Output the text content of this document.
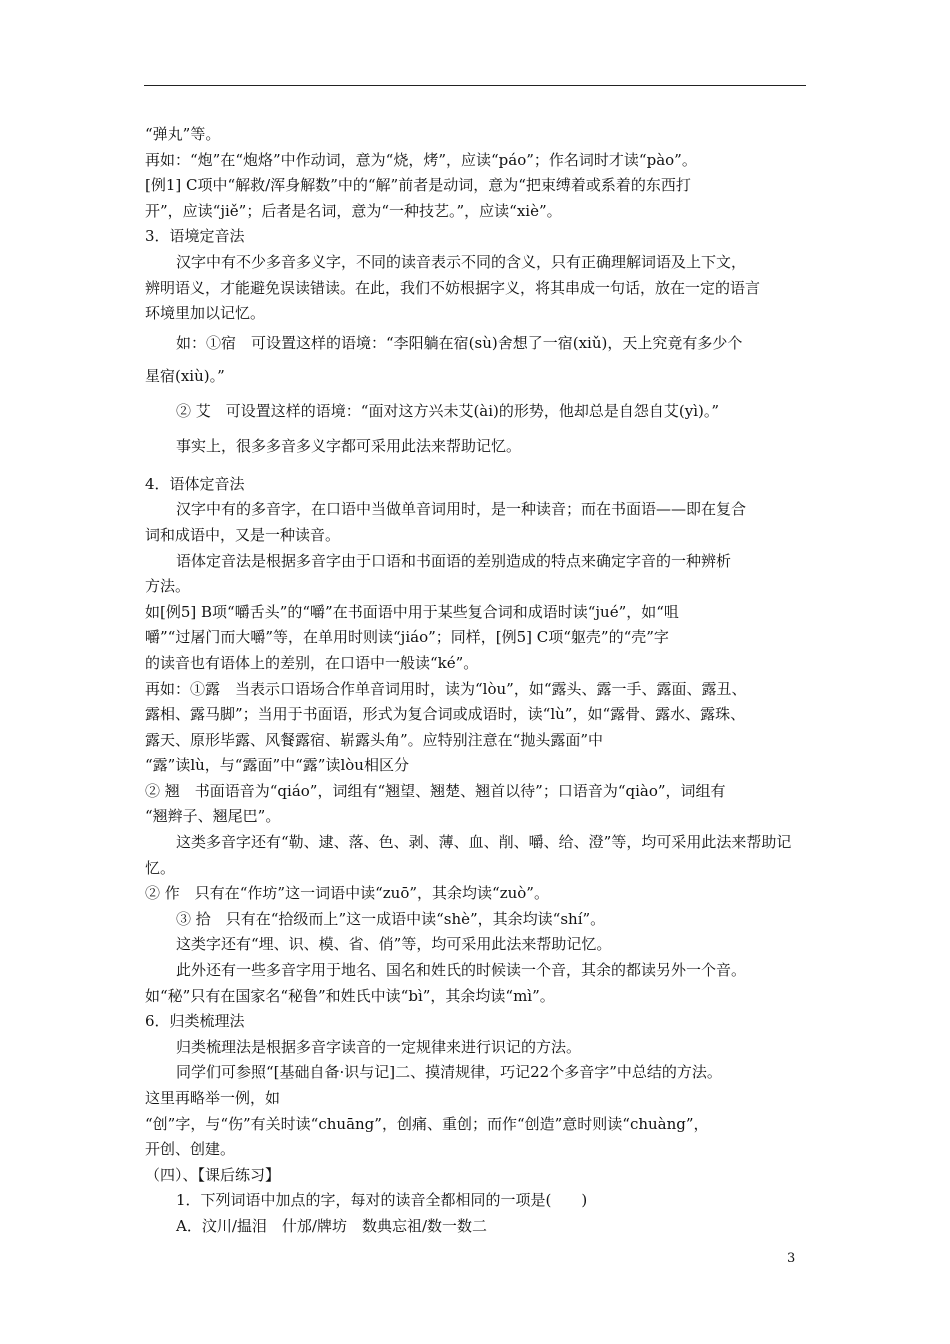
“弹丸”等。
再如：“炮”在“炮烙”中作动词，意为“烧，烤”，应读“páo”；作名词时才读“pào”。
[例1] C项中“解救/浑身解数”中的“解”前者是动词，意为“把束缚着或系着的东西打
开”，应读“jiě”；后者是名词，意为“一种技艺。”，应读“xiè”。
3．语境定音法
汉字中有不少多音多义字，不同的读音表示不同的含义，只有正确理解词语及上下文，
辨明语义，才能避免误读错读。在此，我们不妨根据字义，将其串成一句话，放在一定的语言
环境里加以记忆。
如：①宿　可设置这样的语境：“李阳躺在宿(sù)舍想了一宿(xiǔ)，天上究竟有多少个
星宿(xiù)。”
② 艾　可设置这样的语境：“面对这方兴未艾(ài)的形势，他却总是自怨自艾(yì)。”
事实上，很多多音多义字都可采用此法来帮助记忆。
4．语体定音法
汉字中有的多音字，在口语中当做单音词用时，是一种读音；而在书面语——即在复合
词和成语中，又是一种读音。
语体定音法是根据多音字由于口语和书面语的差别造成的特点来确定字音的一种辨析
方法。
如[例5] B项“嚼舌头”的“嚼”在书面语中用于某些复合词和成语时读“jué”，如“咀
嚼”“过屠门而大嚼”等，在单用时则读“jiáo”；同样，[例5] C项“躯壳”的“壳”字
的读音也有语体上的差别，在口语中一般读“ké”。
再如：①露　当表示口语场合作单音词用时，读为“lòu”，如“露头、露一手、露面、露丑、
露相、露马脚”；当用于书面语，形式为复合词或成语时，读“lù”，如“露骨、露水、露珠、
露天、原形毕露、风餐露宿、崭露头角”。应特别注意在“抛头露面”中
“露”读lù，与“露面”中“露”读lòu相区分
② 翘　书面语音为“qiáo”，词组有“翘望、翘楚、翘首以待”；口语音为“qiào”，词组有
“翘辫子、翘尾巴”。
这类多音字还有“勒、逮、落、色、剥、薄、血、削、嚼、给、澄”等，均可采用此法来帮助记
忆。
② 作　只有在“作坊”这一词语中读“zuō”，其余均读“zuò”。
③ 拾　只有在“拾级而上”这一成语中读“shè”，其余均读“shí”。
这类字还有“埋、识、模、省、俏”等，均可采用此法来帮助记忆。
此外还有一些多音字用于地名、国名和姓氏的时候读一个音，其余的都读另外一个音。
如“秘”只有在国家名“秘鲁”和姓氏中读“bì”，其余均读“mì”。
6．归类梳理法
归类梳理法是根据多音字读音的一定规律来进行识记的方法。
同学们可参照“[基础自备·识与记]二、摸清规律，巧记22个多音字”中总结的方法。
这里再略举一例，如
“创”字，与“伤”有关时读“chuāng”，创痛、重创；而作“创造”意时则读“chuàng”，
开创、创建。
（四）、【课后练习】
1．下列词语中加点的字，每对的读音全都相同的一项是(　　)
A．汶川/揾泪　什邡/牌坊　数典忘祖/数一数二
3
